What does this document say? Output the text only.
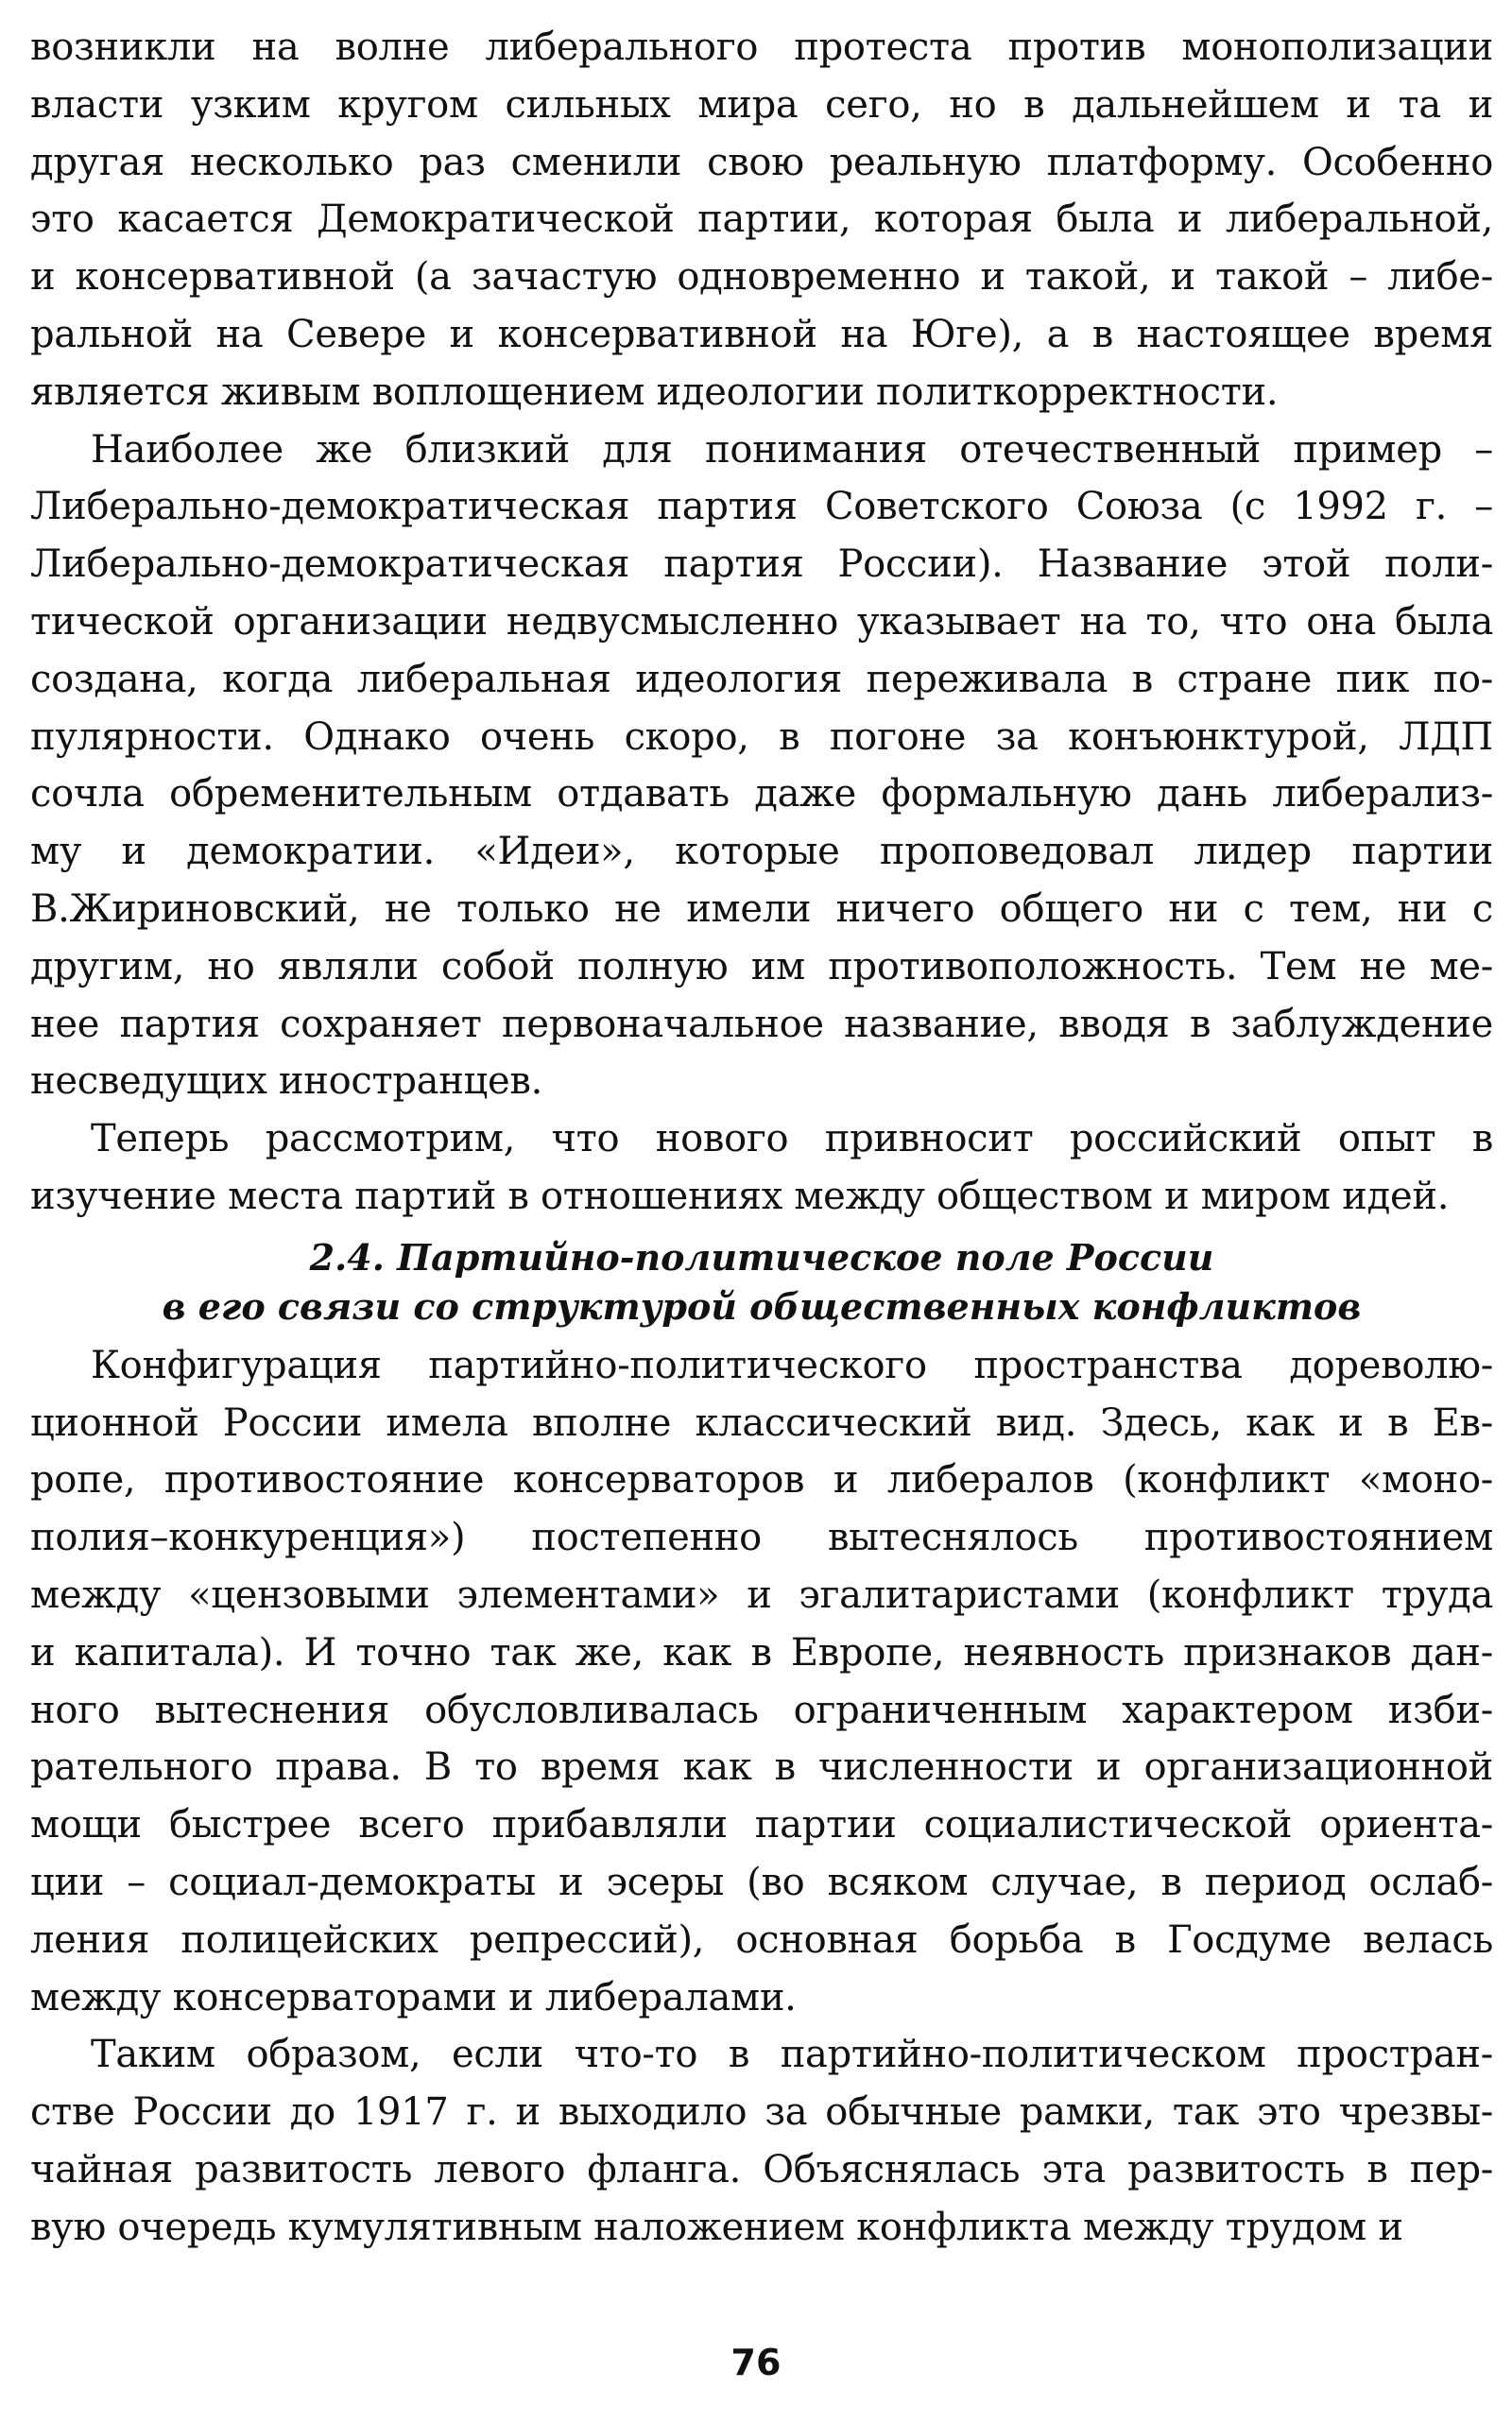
возникли на волне либерального протеста против монополизации
власти узким кругом сильных мира сего, но в дальнейшем и та и
другая несколько раз сменили свою реальную платформу. Особенно
это касается Демократической партии, которая была и либеральной,
и консервативной (а зачастую одновременно и такой, и такой – либе-
ральной на Севере и консервативной на Юге), а в настоящее время
является живым воплощением идеологии политкорректности.

Наиболее же близкий для понимания отечественный пример –
Либерально-демократическая партия Советского Союза (с 1992 г. –
Либерально-демократическая партия России). Название этой поли-
тической организации недвусмысленно указывает на то, что она была
создана, когда либеральная идеология переживала в стране пик по-
пулярности. Однако очень скоро, в погоне за конъюнктурой, ЛДП
сочла обременительным отдавать даже формальную дань либерализ-
му и демократии. «Идеи», которые проповедовал лидер партии
В.Жириновский, не только не имели ничего общего ни с тем, ни с
другим, но являли собой полную им противоположность. Тем не ме-
нее партия сохраняет первоначальное название, вводя в заблуждение
несведущих иностранцев.

Теперь рассмотрим, что нового привносит российский опыт в
изучение места партий в отношениях между обществом и миром идей.

2.4. Партийно-политическое поле России
в его связи со структурой общественных конфликтов

Конфигурация партийно-политического пространства дореволю-
ционной России имела вполне классический вид. Здесь, как и в Ев-
ропе, противостояние консерваторов и либералов (конфликт «моно-
полия–конкуренция») постепенно вытеснялось противостоянием
между «цензовыми элементами» и эгалитаристами (конфликт труда
и капитала). И точно так же, как в Европе, неявность признаков дан-
ного вытеснения обусловливалась ограниченным характером изби-
рательного права. В то время как в численности и организационной
мощи быстрее всего прибавляли партии социалистической ориента-
ции – социал-демократы и эсеры (во всяком случае, в период ослаб-
ления полицейских репрессий), основная борьба в Госдуме велась
между консерваторами и либералами.

Таким образом, если что-то в партийно-политическом простран-
стве России до 1917 г. и выходило за обычные рамки, так это чрезвы-
чайная развитость левого фланга. Объяснялась эта развитость в пер-
вую очередь кумулятивным наложением конфликта между трудом и

76
